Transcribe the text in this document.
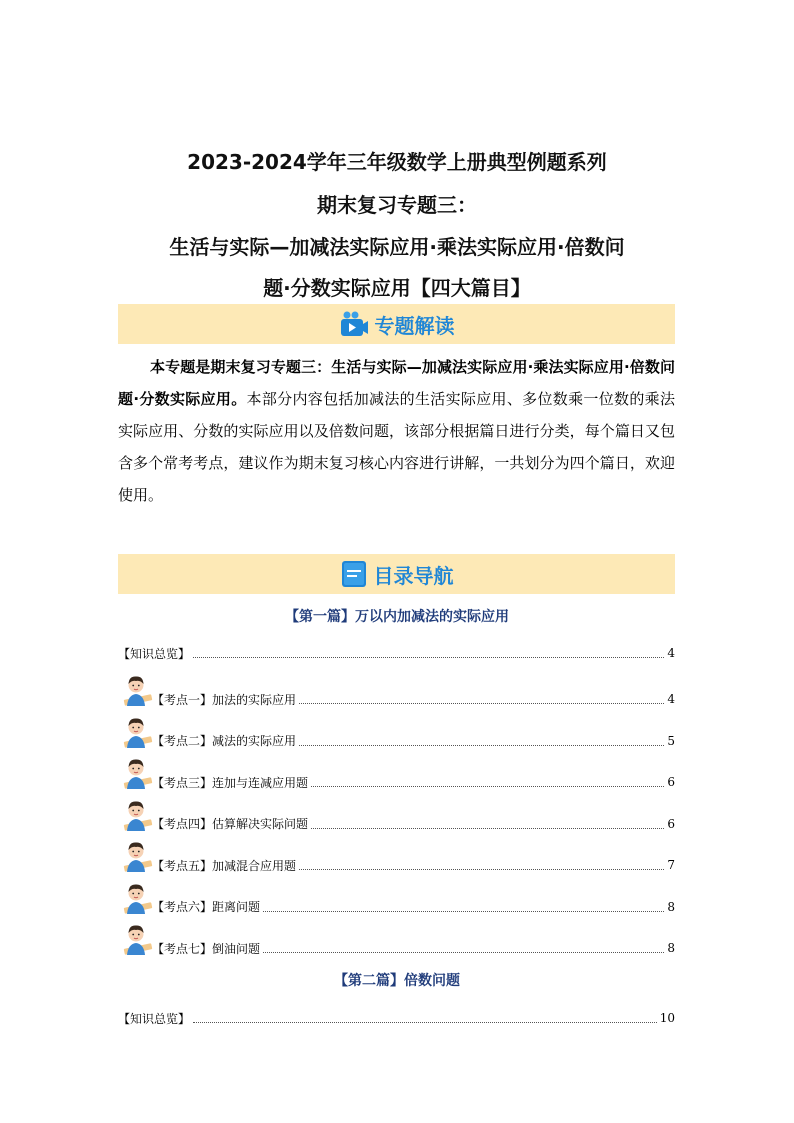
2023-2024学年三年级数学上册典型例题系列
期末复习专题三：
生活与实际—加减法实际应用·乘法实际应用·倍数问
题·分数实际应用【四大篇目】
专题解读

本专题是期末复习专题三：生活与实际—加减法实际应用·乘法实际应用·倍数问题·分数实际应用。本部分内容包括加减法的生活实际应用、多位数乘一位数的乘法实际应用、分数的实际应用以及倍数问题，该部分根据篇日进行分类，每个篇日又包含多个常考考点，建议作为期末复习核心内容进行讲解，一共划分为四个篇日，欢迎使用。

目录导航
【第一篇】万以内加减法的实际应用
【知识总览】	4
【考点一】加法的实际应用	4
【考点二】减法的实际应用	5
【考点三】连加与连减应用题	6
【考点四】估算解决实际问题	6
【考点五】加减混合应用题	7
【考点六】距离问题	8
【考点七】倒油问题	8
【第二篇】倍数问题
【知识总览】	10
